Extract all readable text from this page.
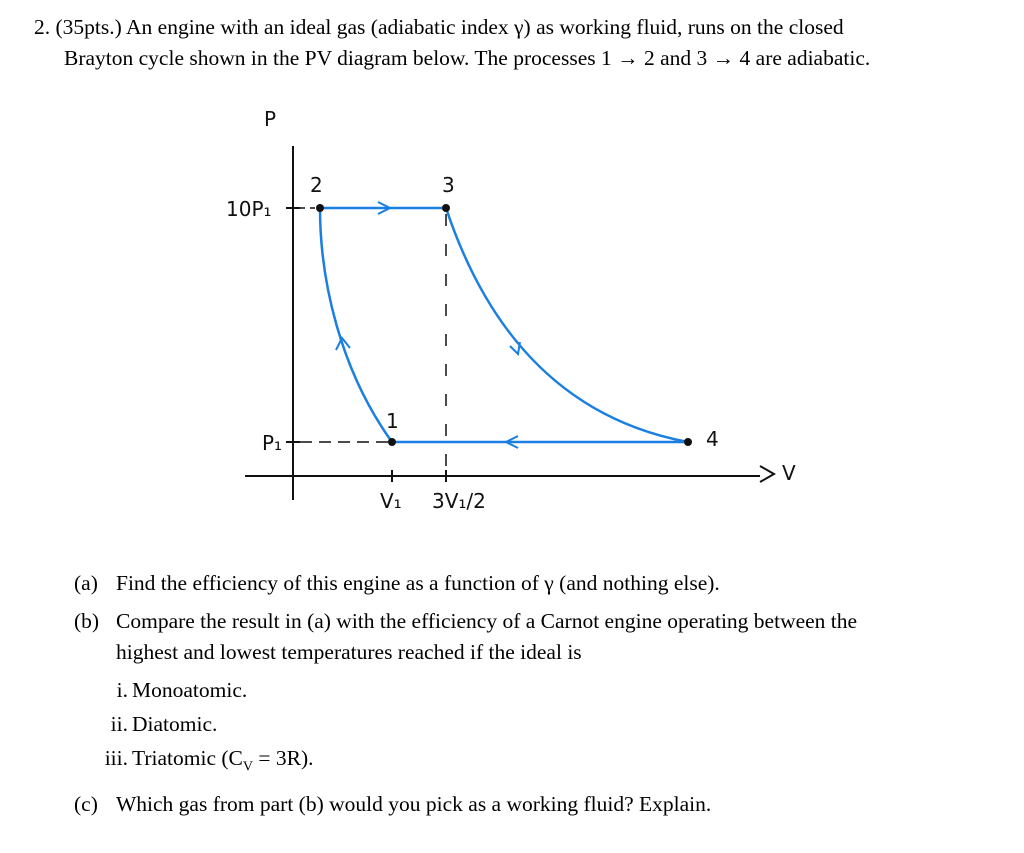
2. (35pts.) An engine with an ideal gas (adiabatic index γ) as working fluid, runs on the closed
Brayton cycle shown in the PV diagram below. The processes 1 → 2 and 3 → 4 are adiabatic.
P
V
10P₁
P₁
V₁ 3V₁/2
1
2	3
4
(a) Find the efficiency of this engine as a function of γ (and nothing else).
(b) Compare the result in (a) with the efficiency of a Carnot engine operating between the
highest and lowest temperatures reached if the ideal is
i. Monoatomic.
ii. Diatomic.
iii. Triatomic $(C_V = 3R)$.
(c) Which gas from part (b) would you pick as a working fluid? Explain.
